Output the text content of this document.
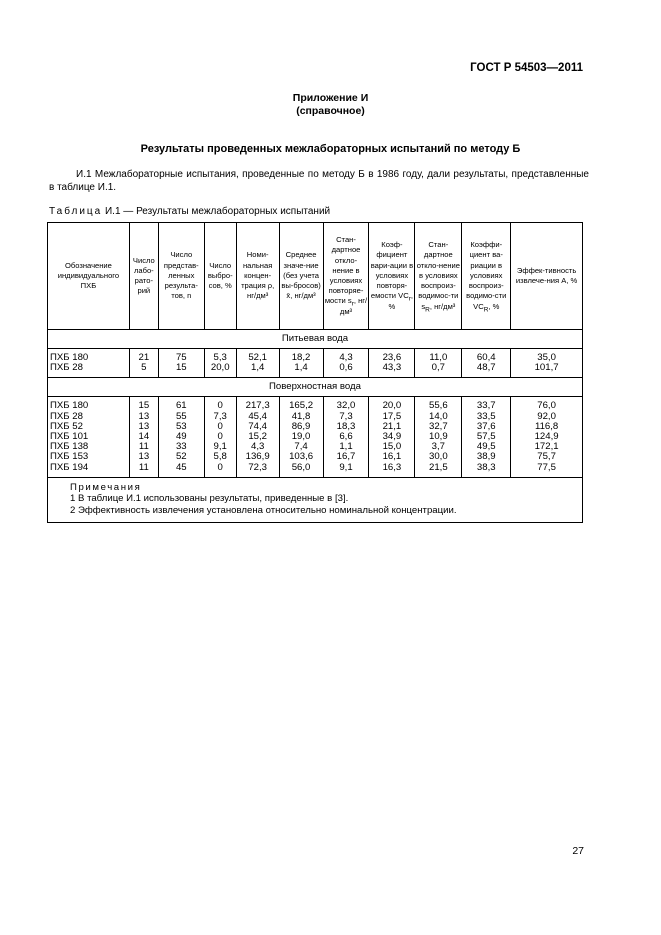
ГОСТ Р 54503—2011
Приложение И
(справочное)
Результаты проведенных межлабораторных испытаний по методу Б

И.1 Межлабораторные испытания, проведенные по методу Б в 1986 году, дали результаты, представленные в таблице И.1.

Таблица И.1 — Результаты межлабораторных испытаний
Обозначение индивидуального ПХБ	Число лабо-рато-рий	Число представ-ленных результа-тов, n	Число выбро-сов, %	Номи-нальная концен-трация ρ, нг/дм³	Среднее значе-ние (без учета вы-бросов) x̄, нг/дм³	Стан-дартное откло-нение в условиях повторяе-мости $s_r$, нг/дм³	Коэф-фициент вари-ации в условиях повторя-емости $VC_r$, %	Стан-дартное откло-нение в условиях воспроиз-водимос-ти $s_R$, нг/дм³	Коэффи-циент ва-риации в условиях воспроиз-водимо-сти $VC_R$, %	Эффек-тивность извлече-ния A, %
Питьевая вода										
ПХБ 180	21	75	5,3	52,1	18,2	4,3	23,6	11,0	60,4	35,0
ПХБ 28	5	15	20,0	1,4	1,4	0,6	43,3	0,7	48,7	101,7
Поверхностная вода										
ПХБ 180	15	61	0	217,3	165,2	32,0	20,0	55,6	33,7	76,0
ПХБ 28	13	55	7,3	45,4	41,8	7,3	17,5	14,0	33,5	92,0
ПХБ 52	13	53	0	74,4	86,9	18,3	21,1	32,7	37,6	116,8
ПХБ 101	14	49	0	15,2	19,0	6,6	34,9	10,9	57,5	124,9
ПХБ 138	11	33	9,1	4,3	7,4	1,1	15,0	3,7	49,5	172,1
ПХБ 153	13	52	5,8	136,9	103,6	16,7	16,1	30,0	38,9	75,7
ПХБ 194	11	45	0	72,3	56,0	9,1	16,3	21,5	38,3	77,5

Примечания
1 В таблице И.1 использованы результаты, приведенные в [3].
2 Эффективность извлечения установлена относительно номинальной концентрации.										
27
